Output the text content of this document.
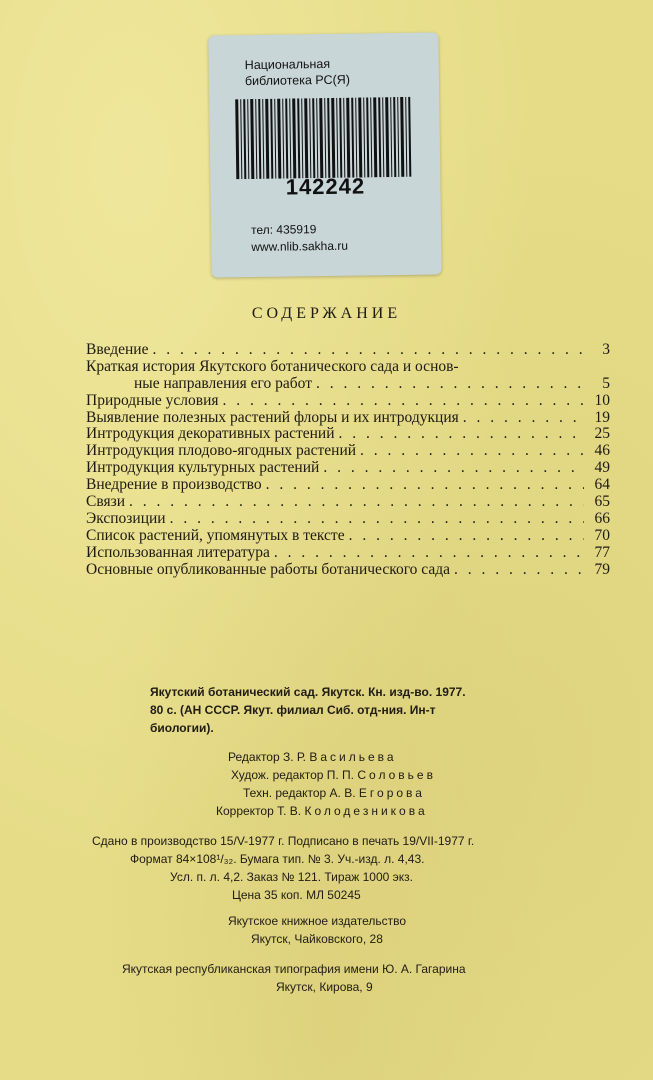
Национальная
библиотека РС(Я)
142242
тел: 435919
www.nlib.sakha.ru
СОДЕРЖАНИЕ
Введение . . .	3
Краткая история Якутского ботанического сада и основ-
ные направления его работ . . .	5
Природные условия . . .	10
Выявление полезных растений флоры и их интродукция . . .	19
Интродукция декоративных растений . . .	25
Интродукция плодово-ягодных растений . . .	46
Интродукция культурных растений . . .	49
Внедрение в производство . . .	64
Связи . . .	65
Экспозиции . . .	66
Список растений, упомянутых в тексте . . .	70
Использованная литература . . .	77
Основные опубликованные работы ботанического сада . . .	79
Якутский ботанический сад. Якутск. Кн. изд-во. 1977.
80 с. (АН СССР. Якут. филиал Сиб. отд-ния. Ин-т
биологии).
Редактор З. Р. Васильева
Худож. редактор П. П. Соловьев
Техн. редактор А. В. Егорова
Корректор Т. В. Колодезникова
Сдано в производство 15/V-1977 г. Подписано в печать 19/VII-1977 г.
Формат 84×108¹/₃₂. Бумага тип. № 3. Уч.-изд. л. 4,43.
Усл. п. л. 4,2. Заказ № 121. Тираж 1000 экз.
Цена 35 коп. МЛ 50245
Якутское книжное издательство
Якутск, Чайковского, 28
Якутская республиканская типография имени Ю. А. Гагарина
Якутск, Кирова, 9
